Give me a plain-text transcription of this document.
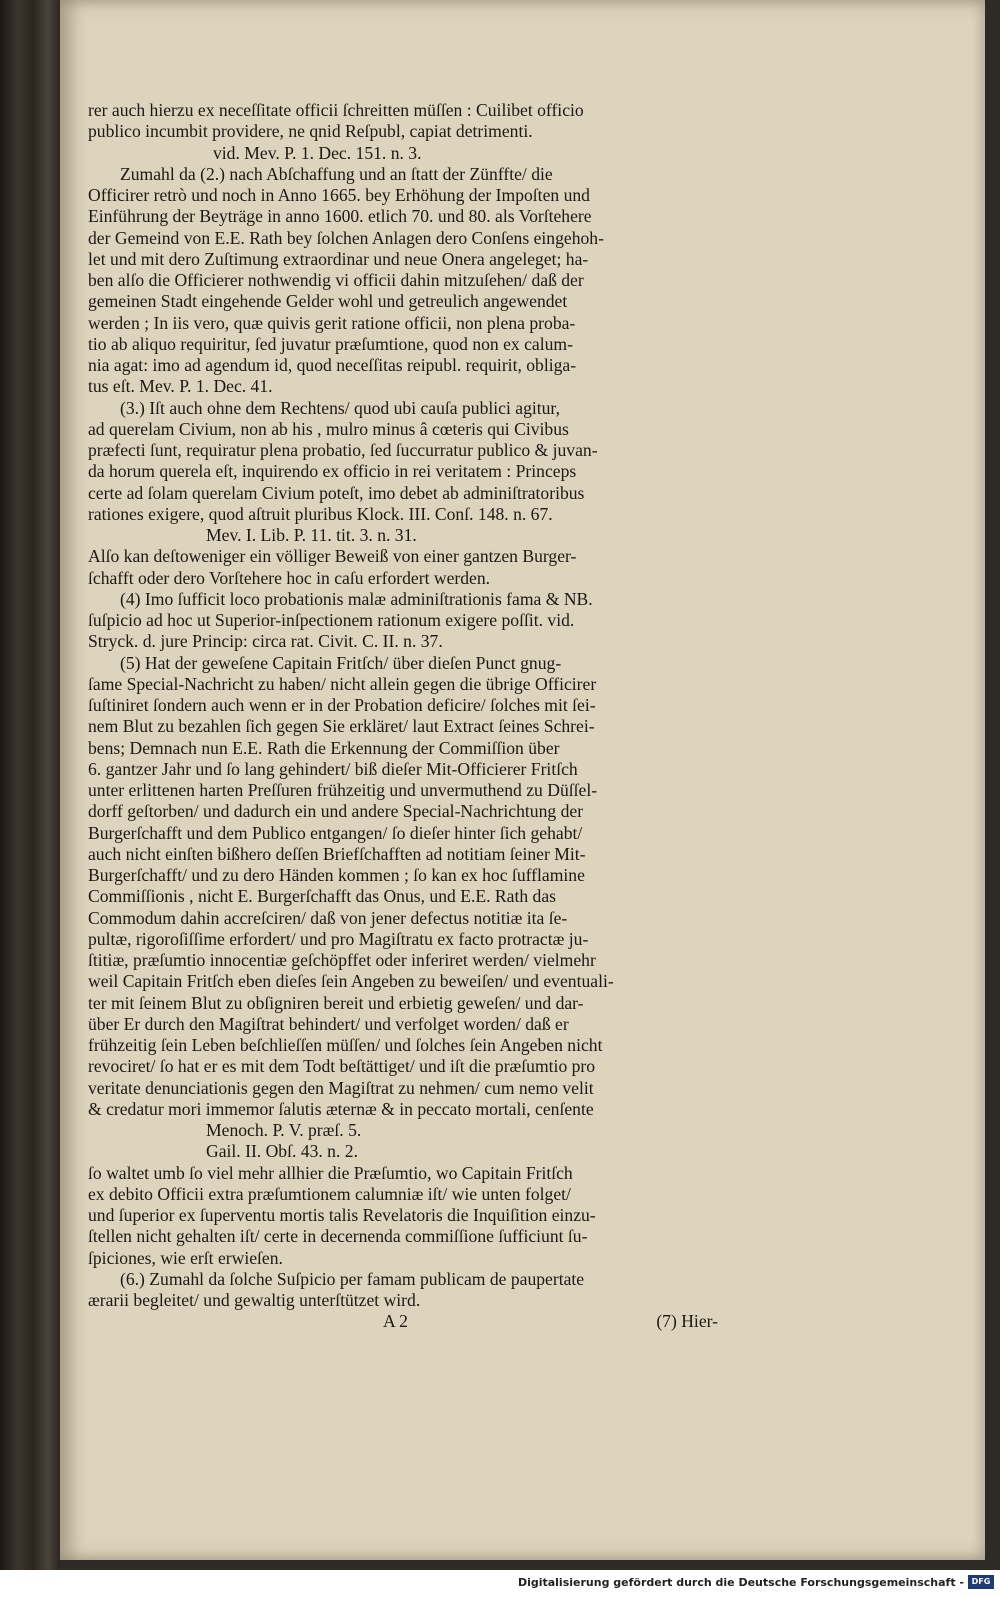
rer auch hierzu ex neceſſitate officii ſchreitten müſſen : Cuilibet officio

publico incumbit providere, ne qnid Reſpubl, capiat detrimenti.

vid. Mev. P. 1. Dec. 151. n. 3.

Zumahl da (2.) nach Abſchaffung und an ſtatt der Zünffte/ die

Officirer retrò und noch in Anno 1665. bey Erhöhung der Impoſten und

Einführung der Beyträge in anno 1600. etlich 70. und 80. als Vorſtehere

der Gemeind von E.E. Rath bey ſolchen Anlagen dero Conſens eingehoh-

let und mit dero Zuſtimung extraordinar und neue Onera angeleget; ha-

ben alſo die Officierer nothwendig vi officii dahin mitzuſehen/ daß der

gemeinen Stadt eingehende Gelder wohl und getreulich angewendet

werden ; In iis vero, quæ quivis gerit ratione officii, non plena proba-

tio ab aliquo requiritur, ſed juvatur præſumtione, quod non ex calum-

nia agat: imo ad agendum id, quod neceſſitas reipubl. requirit, obliga-

tus eſt. Mev. P. 1. Dec. 41.

(3.) Iſt auch ohne dem Rechtens/ quod ubi cauſa publici agitur,

ad querelam Civium, non ab his , mulro minus â cœteris qui Civibus

præfecti ſunt, requiratur plena probatio, ſed ſuccurratur publico & juvan-

da horum querela eſt, inquirendo ex officio in rei veritatem : Princeps

certe ad ſolam querelam Civium poteſt, imo debet ab adminiſtratoribus

rationes exigere, quod aſtruit pluribus Klock. III. Conſ. 148. n. 67.

Mev. I. Lib. P. 11. tit. 3. n. 31.

Alſo kan deſtoweniger ein völliger Beweiß von einer gantzen Burger-

ſchafft oder dero Vorſtehere hoc in caſu erfordert werden.

(4) Imo ſufficit loco probationis malæ adminiſtrationis fama & NB.

ſuſpicio ad hoc ut Superior-inſpectionem rationum exigere poſſit. vid.

Stryck. d. jure Princip: circa rat. Civit. C. II. n. 37.

(5) Hat der geweſene Capitain Fritſch/ über dieſen Punct gnug-

ſame Special-Nachricht zu haben/ nicht allein gegen die übrige Officirer

ſuſtiniret ſondern auch wenn er in der Probation deficire/ ſolches mit ſei-

nem Blut zu bezahlen ſich gegen Sie erkläret/ laut Extract ſeines Schrei-

bens; Demnach nun E.E. Rath die Erkennung der Commiſſion über

6. gantzer Jahr und ſo lang gehindert/ biß dieſer Mit-Officierer Fritſch

unter erlittenen harten Preſſuren frühzeitig und unvermuthend zu Düſſel-

dorff geſtorben/ und dadurch ein und andere Special-Nachrichtung der

Burgerſchafft und dem Publico entgangen/ ſo dieſer hinter ſich gehabt/

auch nicht einſten bißhero deſſen Briefſchafften ad notitiam ſeiner Mit-

Burgerſchafft/ und zu dero Händen kommen ; ſo kan ex hoc ſufflamine

Commiſſionis , nicht E. Burgerſchafft das Onus, und E.E. Rath das

Commodum dahin accreſciren/ daß von jener defectus notitiæ ita ſe-

pultæ, rigoroſiſſime erfordert/ und pro Magiſtratu ex facto protractæ ju-

ſtitiæ, præſumtio innocentiæ geſchöpffet oder inferiret werden/ vielmehr

weil Capitain Fritſch eben dieſes ſein Angeben zu beweiſen/ und eventuali-

ter mit ſeinem Blut zu obſigniren bereit und erbietig geweſen/ und dar-

über Er durch den Magiſtrat behindert/ und verfolget worden/ daß er

frühzeitig ſein Leben beſchlieſſen müſſen/ und ſolches ſein Angeben nicht

revociret/ ſo hat er es mit dem Todt beſtättiget/ und iſt die præſumtio pro

veritate denunciationis gegen den Magiſtrat zu nehmen/ cum nemo velit

& credatur mori immemor ſalutis æternæ & in peccato mortali, cenſente

Menoch. P. V. præſ. 5.

Gail. II. Obſ. 43. n. 2.

ſo waltet umb ſo viel mehr allhier die Præſumtio, wo Capitain Fritſch

ex debito Officii extra præſumtionem calumniæ iſt/ wie unten folget/

und ſuperior ex ſuperventu mortis talis Revelatoris die Inquiſition einzu-

ſtellen nicht gehalten iſt/ certe in decernenda commiſſione ſufficiunt ſu-

ſpiciones, wie erſt erwieſen.

(6.) Zumahl da ſolche Suſpicio per famam publicam de paupertate

ærarii begleitet/ und gewaltig unterſtützet wird.

A 2	(7) Hier-
Digitalisierung gefördert durch die Deutsche Forschungsgemeinschaft - DFG
